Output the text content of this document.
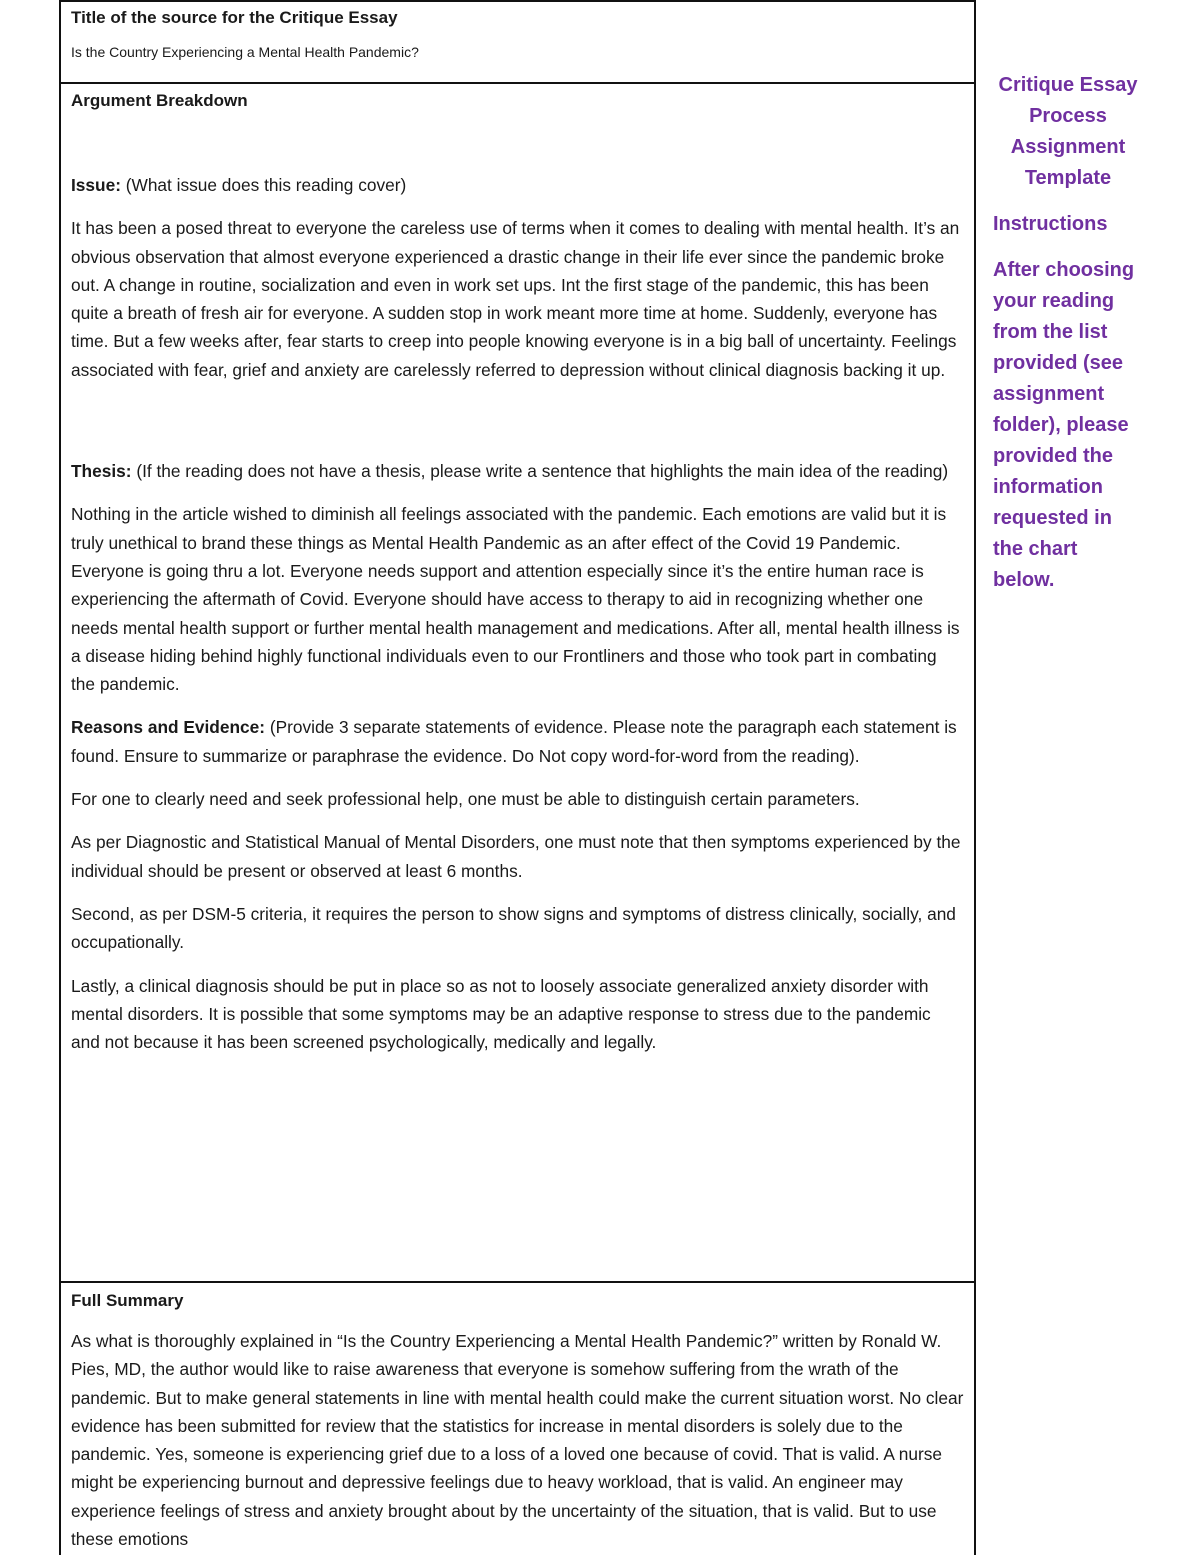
Title of the source for the Critique Essay

Is the Country Experiencing a Mental Health Pandemic?

Argument Breakdown

Issue: (What issue does this reading cover)

It has been a posed threat to everyone the careless use of terms when it comes to dealing with mental health. It’s an obvious observation that almost everyone experienced a drastic change in their life ever since the pandemic broke out. A change in routine, socialization and even in work set ups. Int the first stage of the pandemic, this has been quite a breath of fresh air for everyone. A sudden stop in work meant more time at home. Suddenly, everyone has time. But a few weeks after, fear starts to creep into people knowing everyone is in a big ball of uncertainty. Feelings associated with fear, grief and anxiety are carelessly referred to depression without clinical diagnosis backing it up.

Thesis: (If the reading does not have a thesis, please write a sentence that highlights the main idea of the reading)

Nothing in the article wished to diminish all feelings associated with the pandemic. Each emotions are valid but it is truly unethical to brand these things as Mental Health Pandemic as an after effect of the Covid 19 Pandemic. Everyone is going thru a lot. Everyone needs support and attention especially since it’s the entire human race is experiencing the aftermath of Covid. Everyone should have access to therapy to aid in recognizing whether one needs mental health support or further mental health management and medications. After all, mental health illness is a disease hiding behind highly functional individuals even to our Frontliners and those who took part in combating the pandemic.

Reasons and Evidence: (Provide 3 separate statements of evidence. Please note the paragraph each statement is found. Ensure to summarize or paraphrase the evidence. Do Not copy word-for-word from the reading).

For one to clearly need and seek professional help, one must be able to distinguish certain parameters.

As per Diagnostic and Statistical Manual of Mental Disorders, one must note that then symptoms experienced by the individual should be present or observed at least 6 months.

Second, as per DSM-5 criteria, it requires the person to show signs and symptoms of distress clinically, socially, and occupationally.

Lastly, a clinical diagnosis should be put in place so as not to loosely associate generalized anxiety disorder with mental disorders. It is possible that some symptoms may be an adaptive response to stress due to the pandemic and not because it has been screened psychologically, medically and legally.

Full Summary

As what is thoroughly explained in “Is the Country Experiencing a Mental Health Pandemic?” written by Ronald W. Pies, MD, the author would like to raise awareness that everyone is somehow suffering from the wrath of the pandemic. But to make general statements in line with mental health could make the current situation worst. No clear evidence has been submitted for review that the statistics for increase in mental disorders is solely due to the pandemic. Yes, someone is experiencing grief due to a loss of a loved one because of covid. That is valid. A nurse might be experiencing burnout and depressive feelings due to heavy workload, that is valid. An engineer may experience feelings of stress and anxiety brought about by the uncertainty of the situation, that is valid. But to use these emotions

Critique Essay Process Assignment Template

Instructions

After choosing your reading from the list provided (see assignment folder), please provided the information requested in the chart below.
